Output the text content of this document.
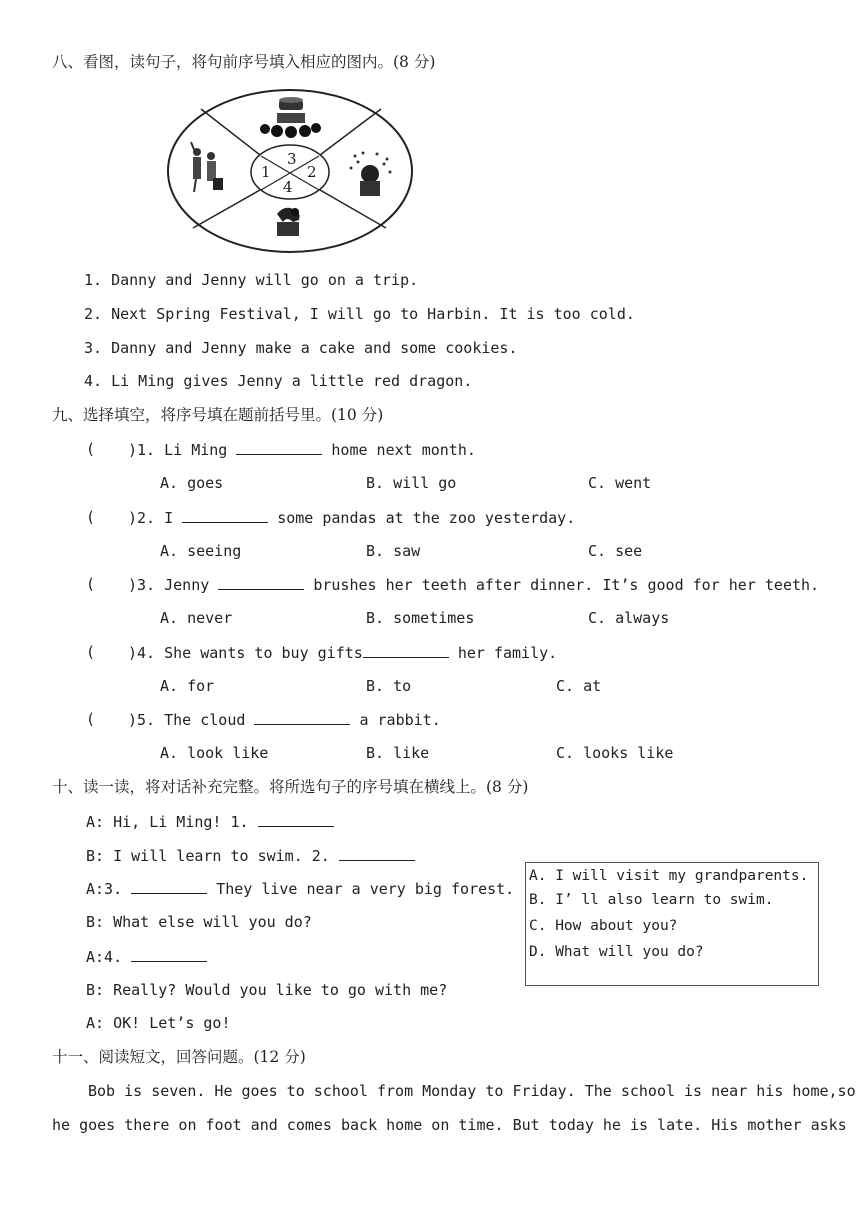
八、看图，读句子，将句前序号填入相应的图内。(8 分)
3
1 2
4
1. Danny and Jenny will go on a trip.
2. Next Spring Festival, I will go to Harbin. It is too cold.
3. Danny and Jenny make a cake and some cookies.
4. Li Ming gives Jenny a little red dragon.
九、选择填空，将序号填在题前括号里。(10 分)
( )1. Li Ming	home next month.
A. goes	B. will go	C. went
( )2. I	some pandas at the zoo yesterday.
A. seeing	B. saw	C. see
( )3. Jenny	brushes her teeth after dinner. It’s good for her teeth.
A. never	B. sometimes	C. always
( )4. She wants to buy gifts	her family.
A. for	B. to	C. at
( )5. The cloud	a rabbit.
A. look like	B. like	C. looks like
十、读一读，将对话补充完整。将所选句子的序号填在横线上。(8 分)
A: Hi, Li Ming! 1.
B: I will learn to swim. 2.
A:3.	They live near a very big forest.
B: What else will you do?
A:4.
B: Really? Would you like to go with me?
A: OK! Let’s go!
A. I will visit my grandparents.
B. I’ ll also learn to swim.
C. How about you?
D. What will you do?
十一、阅读短文，回答问题。(12 分)
Bob is seven. He goes to school from Monday to Friday. The school is near his home,so
he goes there on foot and comes back home on time. But today he is late. His mother asks
